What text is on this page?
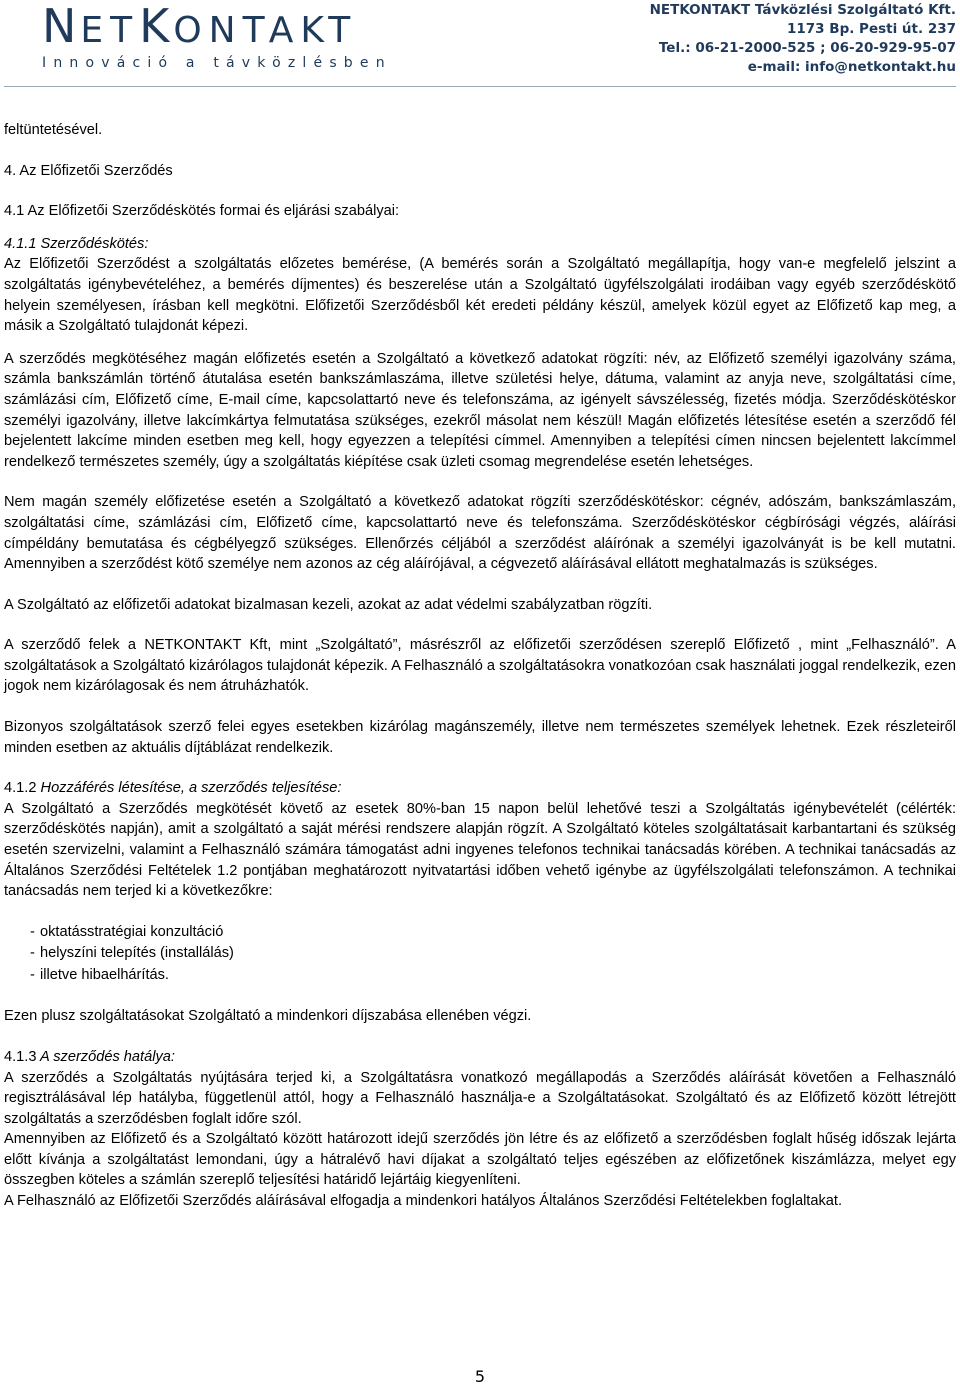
NETKONTAKT
Innováció a távközlésben
NETKONTAKT Távközlési Szolgáltató Kft.
1173 Bp. Pesti út. 237
Tel.: 06-21-2000-525 ; 06-20-929-95-07
e-mail: info@netkontakt.hu

feltüntetésével.

4. Az Előfizetői Szerződés

4.1 Az Előfizetői Szerződéskötés formai és eljárási szabályai:

4.1.1 Szerződéskötés:

Az Előfizetői Szerződést a szolgáltatás előzetes bemérése, (A bemérés során a Szolgáltató megállapítja, hogy van-e megfelelő jelszint a szolgáltatás igénybevételéhez, a bemérés díjmentes) és beszerelése után a Szolgáltató ügyfélszolgálati irodáiban vagy egyéb szerződéskötő helyein személyesen, írásban kell megkötni. Előfizetői Szerződésből két eredeti példány készül, amelyek közül egyet az Előfizető kap meg, a másik a Szolgáltató tulajdonát képezi.

A szerződés megkötéséhez magán előfizetés esetén a Szolgáltató a következő adatokat rögzíti: név, az Előfizető személyi igazolvány száma, számla bankszámlán történő átutalása esetén bankszámlaszáma, illetve születési helye, dátuma, valamint az anyja neve, szolgáltatási címe, számlázási cím, Előfizető címe, E-mail címe, kapcsolattartó neve és telefonszáma, az igényelt sávszélesség, fizetés módja. Szerződéskötéskor személyi igazolvány, illetve lakcímkártya felmutatása szükséges, ezekről másolat nem készül! Magán előfizetés létesítése esetén a szerződő fél bejelentett lakcíme minden esetben meg kell, hogy egyezzen a telepítési címmel. Amennyiben a telepítési címen nincsen bejelentett lakcímmel rendelkező természetes személy, úgy a szolgáltatás kiépítése csak üzleti csomag megrendelése esetén lehetséges.

Nem magán személy előfizetése esetén a Szolgáltató a következő adatokat rögzíti szerződéskötéskor: cégnév, adószám, bankszámlaszám, szolgáltatási címe, számlázási cím, Előfizető címe, kapcsolattartó neve és telefonszáma. Szerződéskötéskor cégbírósági végzés, aláírási címpéldány bemutatása és cégbélyegző szükséges. Ellenőrzés céljából a szerződést aláírónak a személyi igazolványát is be kell mutatni. Amennyiben a szerződést kötő személye nem azonos az cég aláírójával, a cégvezető aláírásával ellátott meghatalmazás is szükséges.

A Szolgáltató az előfizetői adatokat bizalmasan kezeli, azokat az adat védelmi szabályzatban rögzíti.

A szerződő felek a NETKONTAKT Kft, mint „Szolgáltató”, másrészről az előfizetői szerződésen szereplő Előfizető , mint „Felhasználó”. A szolgáltatások a Szolgáltató kizárólagos tulajdonát képezik. A Felhasználó a szolgáltatásokra vonatkozóan csak használati joggal rendelkezik, ezen jogok nem kizárólagosak és nem átruházhatók.

Bizonyos szolgáltatások szerző felei egyes esetekben kizárólag magánszemély, illetve nem természetes személyek lehetnek. Ezek részleteiről minden esetben az aktuális díjtáblázat rendelkezik.

4.1.2 Hozzáférés létesítése, a szerződés teljesítése:

A Szolgáltató a Szerződés megkötését követő az esetek 80%-ban 15 napon belül lehetővé teszi a Szolgáltatás igénybevételét (célérték: szerződéskötés napján), amit a szolgáltató a saját mérési rendszere alapján rögzít. A Szolgáltató köteles szolgáltatásait karbantartani és szükség esetén szervizelni, valamint a Felhasználó számára támogatást adni ingyenes telefonos technikai tanácsadás körében. A technikai tanácsadás az Általános Szerződési Feltételek 1.2 pontjában meghatározott nyitvatartási időben vehető igénybe az ügyfélszolgálati telefonszámon. A technikai tanácsadás nem terjed ki a következőkre:

- oktatásstratégiai konzultáció
- helyszíni telepítés (installálás)
- illetve hibaelhárítás.

Ezen plusz szolgáltatásokat Szolgáltató a mindenkori díjszabása ellenében végzi.

4.1.3 A szerződés hatálya:

A szerződés a Szolgáltatás nyújtására terjed ki, a Szolgáltatásra vonatkozó megállapodás a Szerződés aláírását követően a Felhasználó regisztrálásával lép hatályba, függetlenül attól, hogy a Felhasználó használja-e a Szolgáltatásokat. Szolgáltató és az Előfizető között létrejött szolgáltatás a szerződésben foglalt időre szól.

Amennyiben az Előfizető és a Szolgáltató között határozott idejű szerződés jön létre és az előfizető a szerződésben foglalt hűség időszak lejárta előtt kívánja a szolgáltatást lemondani, úgy a hátralévő havi díjakat a szolgáltató teljes egészében az előfizetőnek kiszámlázza, melyet egy összegben köteles a számlán szereplő teljesítési határidő lejártáig kiegyenlíteni.

A Felhasználó az Előfizetői Szerződés aláírásával elfogadja a mindenkori hatályos Általános Szerződési Feltételekben foglaltakat.

5
